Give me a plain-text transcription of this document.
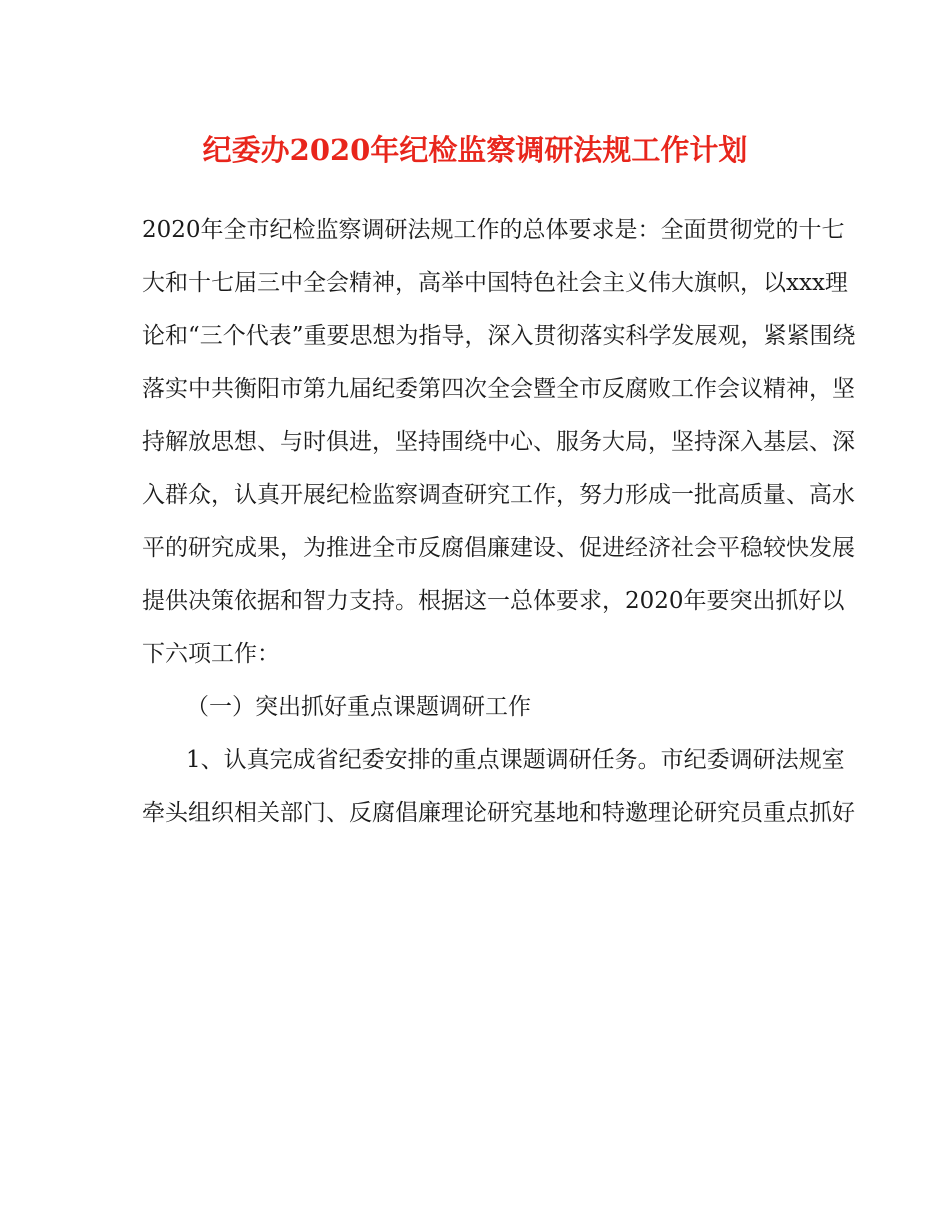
纪委办2020年纪检监察调研法规工作计划
2020年全市纪检监察调研法规工作的总体要求是：全面贯彻党的十七
大和十七届三中全会精神，高举中国特色社会主义伟大旗帜，以xxx理
论和“三个代表”重要思想为指导，深入贯彻落实科学发展观，紧紧围绕
落实中共衡阳市第九届纪委第四次全会暨全市反腐败工作会议精神，坚
持解放思想、与时俱进，坚持围绕中心、服务大局，坚持深入基层、深
入群众，认真开展纪检监察调查研究工作，努力形成一批高质量、高水
平的研究成果，为推进全市反腐倡廉建设、促进经济社会平稳较快发展
提供决策依据和智力支持。根据这一总体要求，2020年要突出抓好以
下六项工作：
（一）突出抓好重点课题调研工作
1、认真完成省纪委安排的重点课题调研任务。市纪委调研法规室
牵头组织相关部门、反腐倡廉理论研究基地和特邀理论研究员重点抓好
